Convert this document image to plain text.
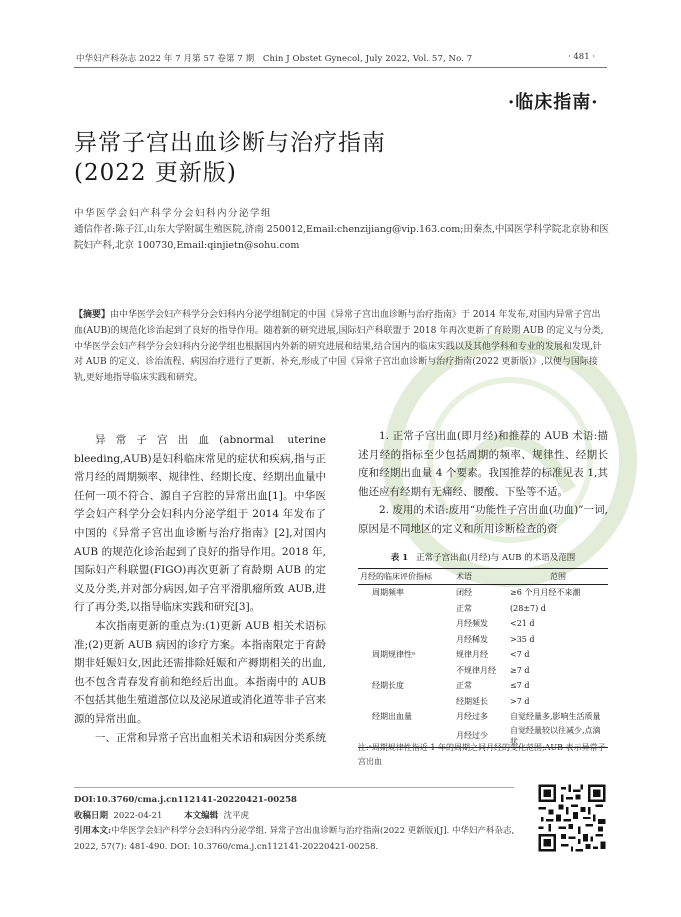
中华妇产科杂志 2022 年 7 月第 57 卷第 7 期　Chin J Obstet Gynecol, July 2022, Vol. 57, No. 7	· 481 ·
·临床指南·
异常子宫出血诊断与治疗指南
(2022 更新版)
中华医学会妇产科学分会妇科内分泌学组
通信作者:陈子江,山东大学附属生殖医院,济南 250012,Email:chenzijiang@vip.163.com;田秦杰,中国医学科学院北京协和医院妇产科,北京 100730,Email:qinjietn@sohu.com
【摘要】由中华医学会妇产科学分会妇科内分泌学组制定的中国《异常子宫出血诊断与治疗指南》于 2014 年发布,对国内异常子宫出血(AUB)的规范化诊治起到了良好的指导作用。随着新的研究进展,国际妇产科联盟于 2018 年再次更新了育龄期 AUB 的定义与分类,中华医学会妇产科学分会妇科内分泌学组也根据国内外新的研究进展和结果,结合国内的临床实践以及其他学科和专业的发展和发现,针对 AUB 的定义、诊治流程、病因治疗进行了更新、补充,形成了中国《异常子宫出血诊断与治疗指南(2022 更新版)》,以便与国际接轨,更好地指导临床实践和研究。

异常子宫出血(abnormal uterine bleeding,AUB)是妇科临床常见的症状和疾病,指与正常月经的周期频率、规律性、经期长度、经期出血量中任何一项不符合、源自子宫腔的异常出血[1]。中华医学会妇产科学分会妇科内分泌学组于 2014 年发布了中国的《异常子宫出血诊断与治疗指南》[2],对国内 AUB 的规范化诊治起到了良好的指导作用。2018 年,国际妇产科联盟(FIGO)再次更新了育龄期 AUB 的定义及分类,并对部分病因,如子宫平滑肌瘤所致 AUB,进行了再分类,以指导临床实践和研究[3]。

本次指南更新的重点为:(1)更新 AUB 相关术语标准;(2)更新 AUB 病因的诊疗方案。本指南限定于育龄期非妊娠妇女,因此还需排除妊娠和产褥期相关的出血,也不包含青春发育前和绝经后出血。本指南中的 AUB 不包括其他生殖道部位以及泌尿道或消化道等非子宫来源的异常出血。

一、正常和异常子宫出血相关术语和病因分类系统

1. 正常子宫出血(即月经)和推荐的 AUB 术语:描述月经的指标至少包括周期的频率、规律性、经期长度和经期出血量 4 个要素。我国推荐的标准见表 1,其他还应有经期有无痛经、腰酸、下坠等不适。

2. 废用的术语:废用“功能性子宫出血(功血)”一词,原因是不同地区的定义和所用诊断检查的资

表 1 正常子宫出血(月经)与 AUB 的术语及范围
月经的临床评价指标	术语	范围
周期频率	闭经	≥6 个月月经不来潮
	正常	(28±7) d
	月经频发	<21 d
	月经稀发	>35 d
周期规律性ᵃ	规律月经	<7 d
	不规律月经	≥7 d
经期长度	正常	≤7 d
	经期延长	>7 d
经期出血量	月经过多	自觉经量多,影响生活质量
	月经过少	自觉经量较以往减少,点滴状
注:ᵃ周期规律性指近 1 年的周期之间月经的变化范围;AUB 表示异常子宫出血
DOI:10.3760/cma.j.cn112141-20220421-00258
收稿日期 2022-04-21	本文编辑 沈平虎
引用本文:中华医学会妇产科学分会妇科内分泌学组. 异常子宫出血诊断与治疗指南(2022 更新版)[J]. 中华妇产科杂志, 2022, 57(7): 481-490. DOI: 10.3760/cma.j.cn112141-20220421-00258.
